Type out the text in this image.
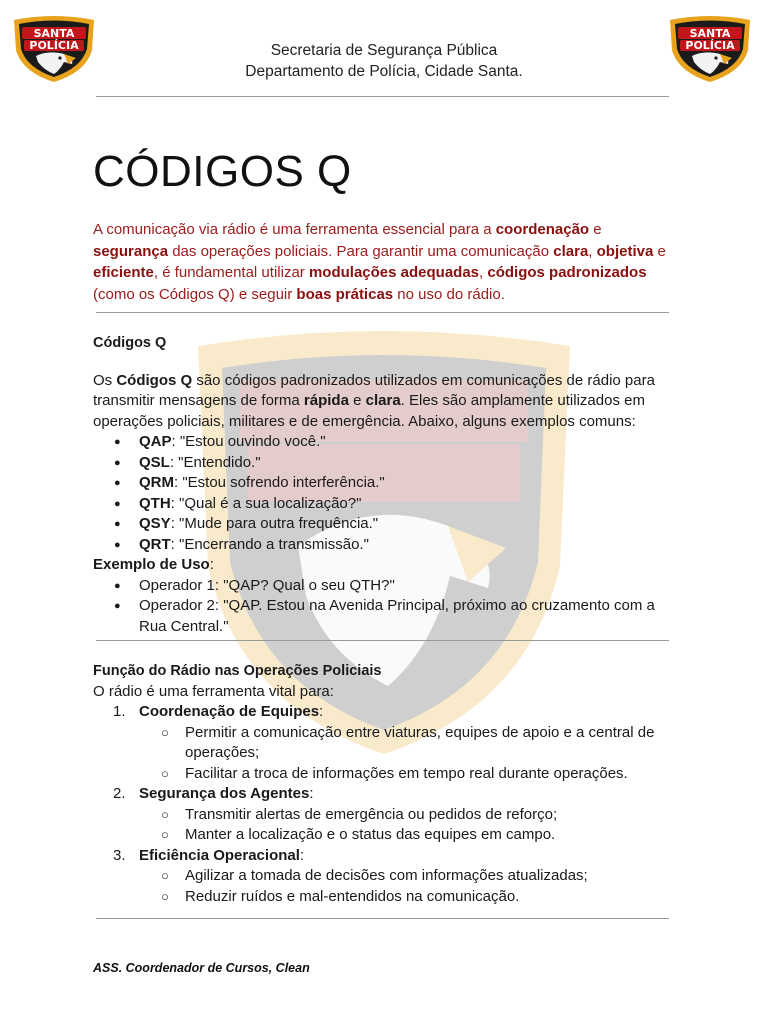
SANTA
POLÍCIA
SANTA
POLÍCIA
Secretaria de Segurança Pública
Departamento de Polícia, Cidade Santa.
CÓDIGOS Q

A comunicação via rádio é uma ferramenta essencial para a coordenação e segurança das operações policiais. Para garantir uma comunicação clara, objetiva e eficiente, é fundamental utilizar modulações adequadas, códigos padronizados (como os Códigos Q) e seguir boas práticas no uso do rádio.

Códigos Q

Os Códigos Q são códigos padronizados utilizados em comunicações de rádio para transmitir mensagens de forma rápida e clara. Eles são amplamente utilizados em operações policiais, militares e de emergência. Abaixo, alguns exemplos comuns:

● QAP: "Estou ouvindo você."
● QSL: "Entendido."
● QRM: "Estou sofrendo interferência."
● QTH: "Qual é a sua localização?"
● QSY: "Mude para outra frequência."
● QRT: "Encerrando a transmissão."

Exemplo de Uso:

● Operador 1: "QAP? Qual o seu QTH?"
● Operador 2: "QAP. Estou na Avenida Principal, próximo ao cruzamento com a Rua Central."

Função do Rádio nas Operações Policiais

O rádio é uma ferramenta vital para:

1. Coordenação de Equipes:
○ Permitir a comunicação entre viaturas, equipes de apoio e a central de operações;
○ Facilitar a troca de informações em tempo real durante operações.
2. Segurança dos Agentes:
○ Transmitir alertas de emergência ou pedidos de reforço;
○ Manter a localização e o status das equipes em campo.
3. Eficiência Operacional:
○ Agilizar a tomada de decisões com informações atualizadas;
○ Reduzir ruídos e mal-entendidos na comunicação.
ASS. Coordenador de Cursos, Clean
